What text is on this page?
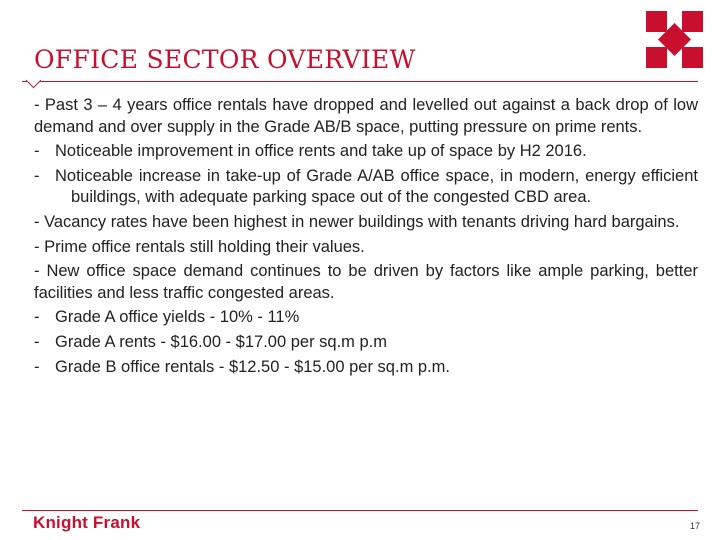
OFFICE SECTOR OVERVIEW

- Past 3 – 4 years office rentals have dropped and levelled out against a back drop of low demand and over supply in the Grade AB/B space, putting pressure on prime rents.

- Noticeable improvement in office rents and take up of space by H2 2016.

- Noticeable increase in take-up of Grade A/AB office space, in modern, energy efficient buildings, with adequate parking space out of the congested CBD area.

- Vacancy rates have been highest in newer buildings with tenants driving hard bargains.

- Prime office rentals still holding their values.

- New office space demand continues to be driven by factors like ample parking, better facilities and less traffic congested areas.

- Grade A office yields - 10% - 11%

- Grade A rents - $16.00 - $17.00 per sq.m p.m

- Grade B office rentals - $12.50 - $15.00 per sq.m p.m.

Knight Frank	17
